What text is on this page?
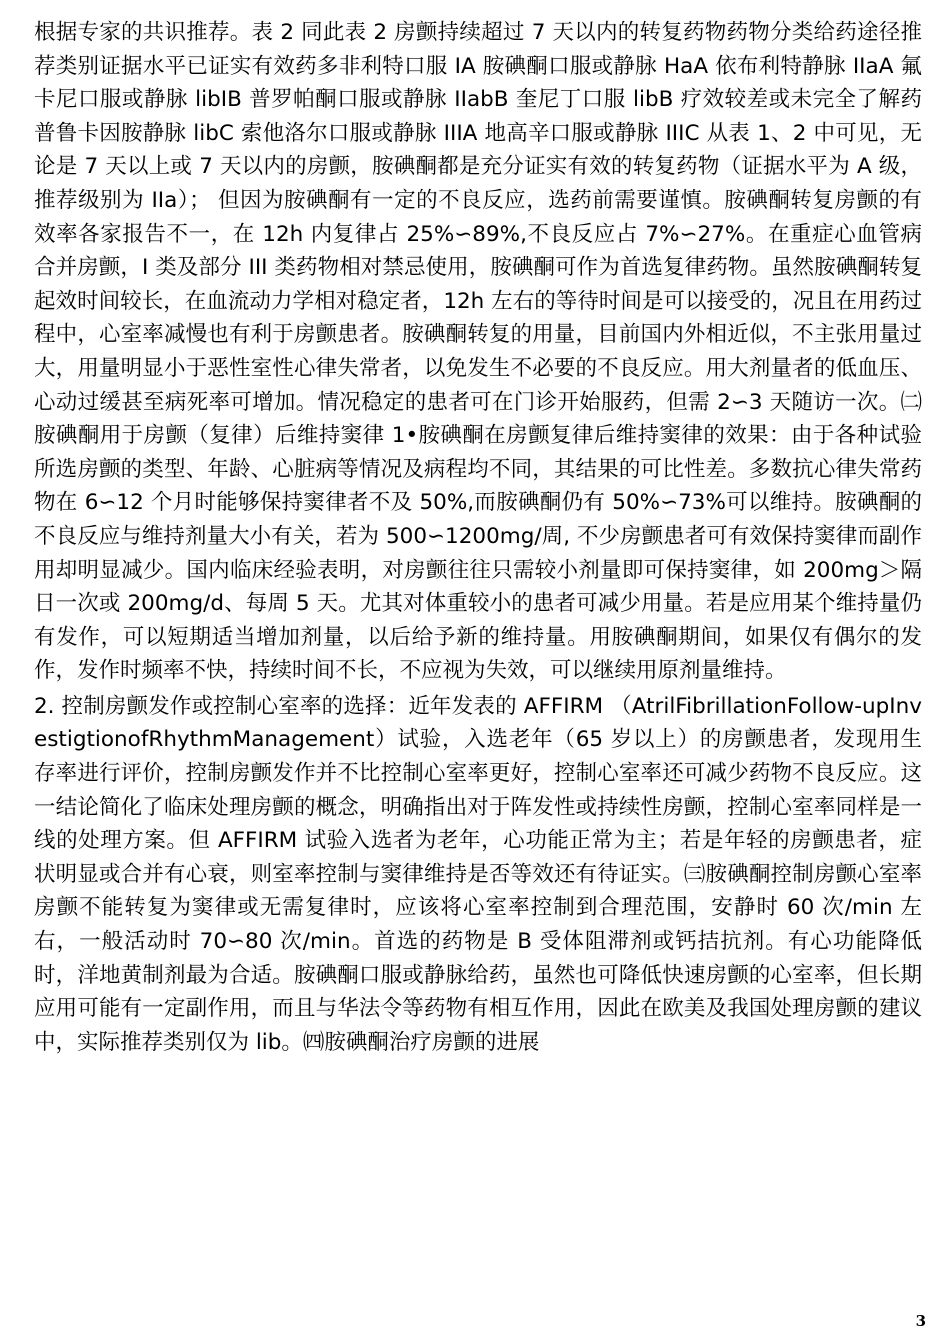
根据专家的共识推荐。表 2 同此表 2 房颤持续超过 7 天以内的转复药物药物分类给药途径推荐类别证据水平已证实有效药多非利特口服 IA 胺碘酮口服或静脉 HaA 依布利特静脉 IIaA 氟卡尼口服或静脉 libIB 普罗帕酮口服或静脉 IIabB 奎尼丁口服 libB 疗效较差或未完全了解药普鲁卡因胺静脉 libC 索他洛尔口服或静脉 IIIA 地高辛口服或静脉 IIIC 从表 1、2 中可见，无论是 7 天以上或 7 天以内的房颤，胺碘酮都是充分证实有效的转复药物（证据水平为 A 级，推荐级别为 IIa）； 但因为胺碘酮有一定的不良反应，选药前需要谨慎。胺碘酮转复房颤的有效率各家报告不一，在 12h 内复律占 25%∽89%,不良反应占 7%∽27%。在重症心血管病合并房颤，I 类及部分 III 类药物相对禁忌使用，胺碘酮可作为首选复律药物。虽然胺碘酮转复起效时间较长，在血流动力学相对稳定者，12h 左右的等待时间是可以接受的，况且在用药过程中，心室率减慢也有利于房颤患者。胺碘酮转复的用量，目前国内外相近似，不主张用量过大，用量明显小于恶性室性心律失常者，以免发生不必要的不良反应。用大剂量者的低血压、心动过缓甚至病死率可增加。情况稳定的患者可在门诊开始服药，但需 2∽3 天随访一次。㈡胺碘酮用于房颤（复律）后维持窦律 1•胺碘酮在房颤复律后维持窦律的效果：由于各种试验所选房颤的类型、年龄、心脏病等情况及病程均不同，其结果的可比性差。多数抗心律失常药物在 6∽12 个月时能够保持窦律者不及 50%,而胺碘酮仍有 50%∽73%可以维持。胺碘酮的不良反应与维持剂量大小有关，若为 500∽1200mg/周, 不少房颤患者可有效保持窦律而副作用却明显减少。国内临床经验表明，对房颤往往只需较小剂量即可保持窦律，如 200mg＞隔日一次或 200mg/d、每周 5 天。尤其对体重较小的患者可减少用量。若是应用某个维持量仍有发作，可以短期适当增加剂量，以后给予新的维持量。用胺碘酮期间，如果仅有偶尔的发作，发作时频率不快，持续时间不长，不应视为失效，可以继续用原剂量维持。

2. 控制房颤发作或控制心室率的选择：近年发表的 AFFIRM （AtrilFibrillationFollow-upInvestigtionofRhythmManagement）试验，入选老年（65 岁以上）的房颤患者，发现用生存率进行评价，控制房颤发作并不比控制心室率更好，控制心室率还可减少药物不良反应。这一结论简化了临床处理房颤的概念，明确指出对于阵发性或持续性房颤，控制心室率同样是一线的处理方案。但 AFFIRM 试验入选者为老年，心功能正常为主；若是年轻的房颤患者，症状明显或合并有心衰，则室率控制与窦律维持是否等效还有待证实。㈢胺碘酮控制房颤心室率房颤不能转复为窦律或无需复律时，应该将心室率控制到合理范围，安静时 60 次/min 左右，一般活动时 70∽80 次/min。首选的药物是 B 受体阻滞剂或钙拮抗剂。有心功能降低时，洋地黄制剂最为合适。胺碘酮口服或静脉给药，虽然也可降低快速房颤的心室率，但长期应用可能有一定副作用，而且与华法令等药物有相互作用，因此在欧美及我国处理房颤的建议中，实际推荐类别仅为 lib。㈣胺碘酮治疗房颤的进展

3
